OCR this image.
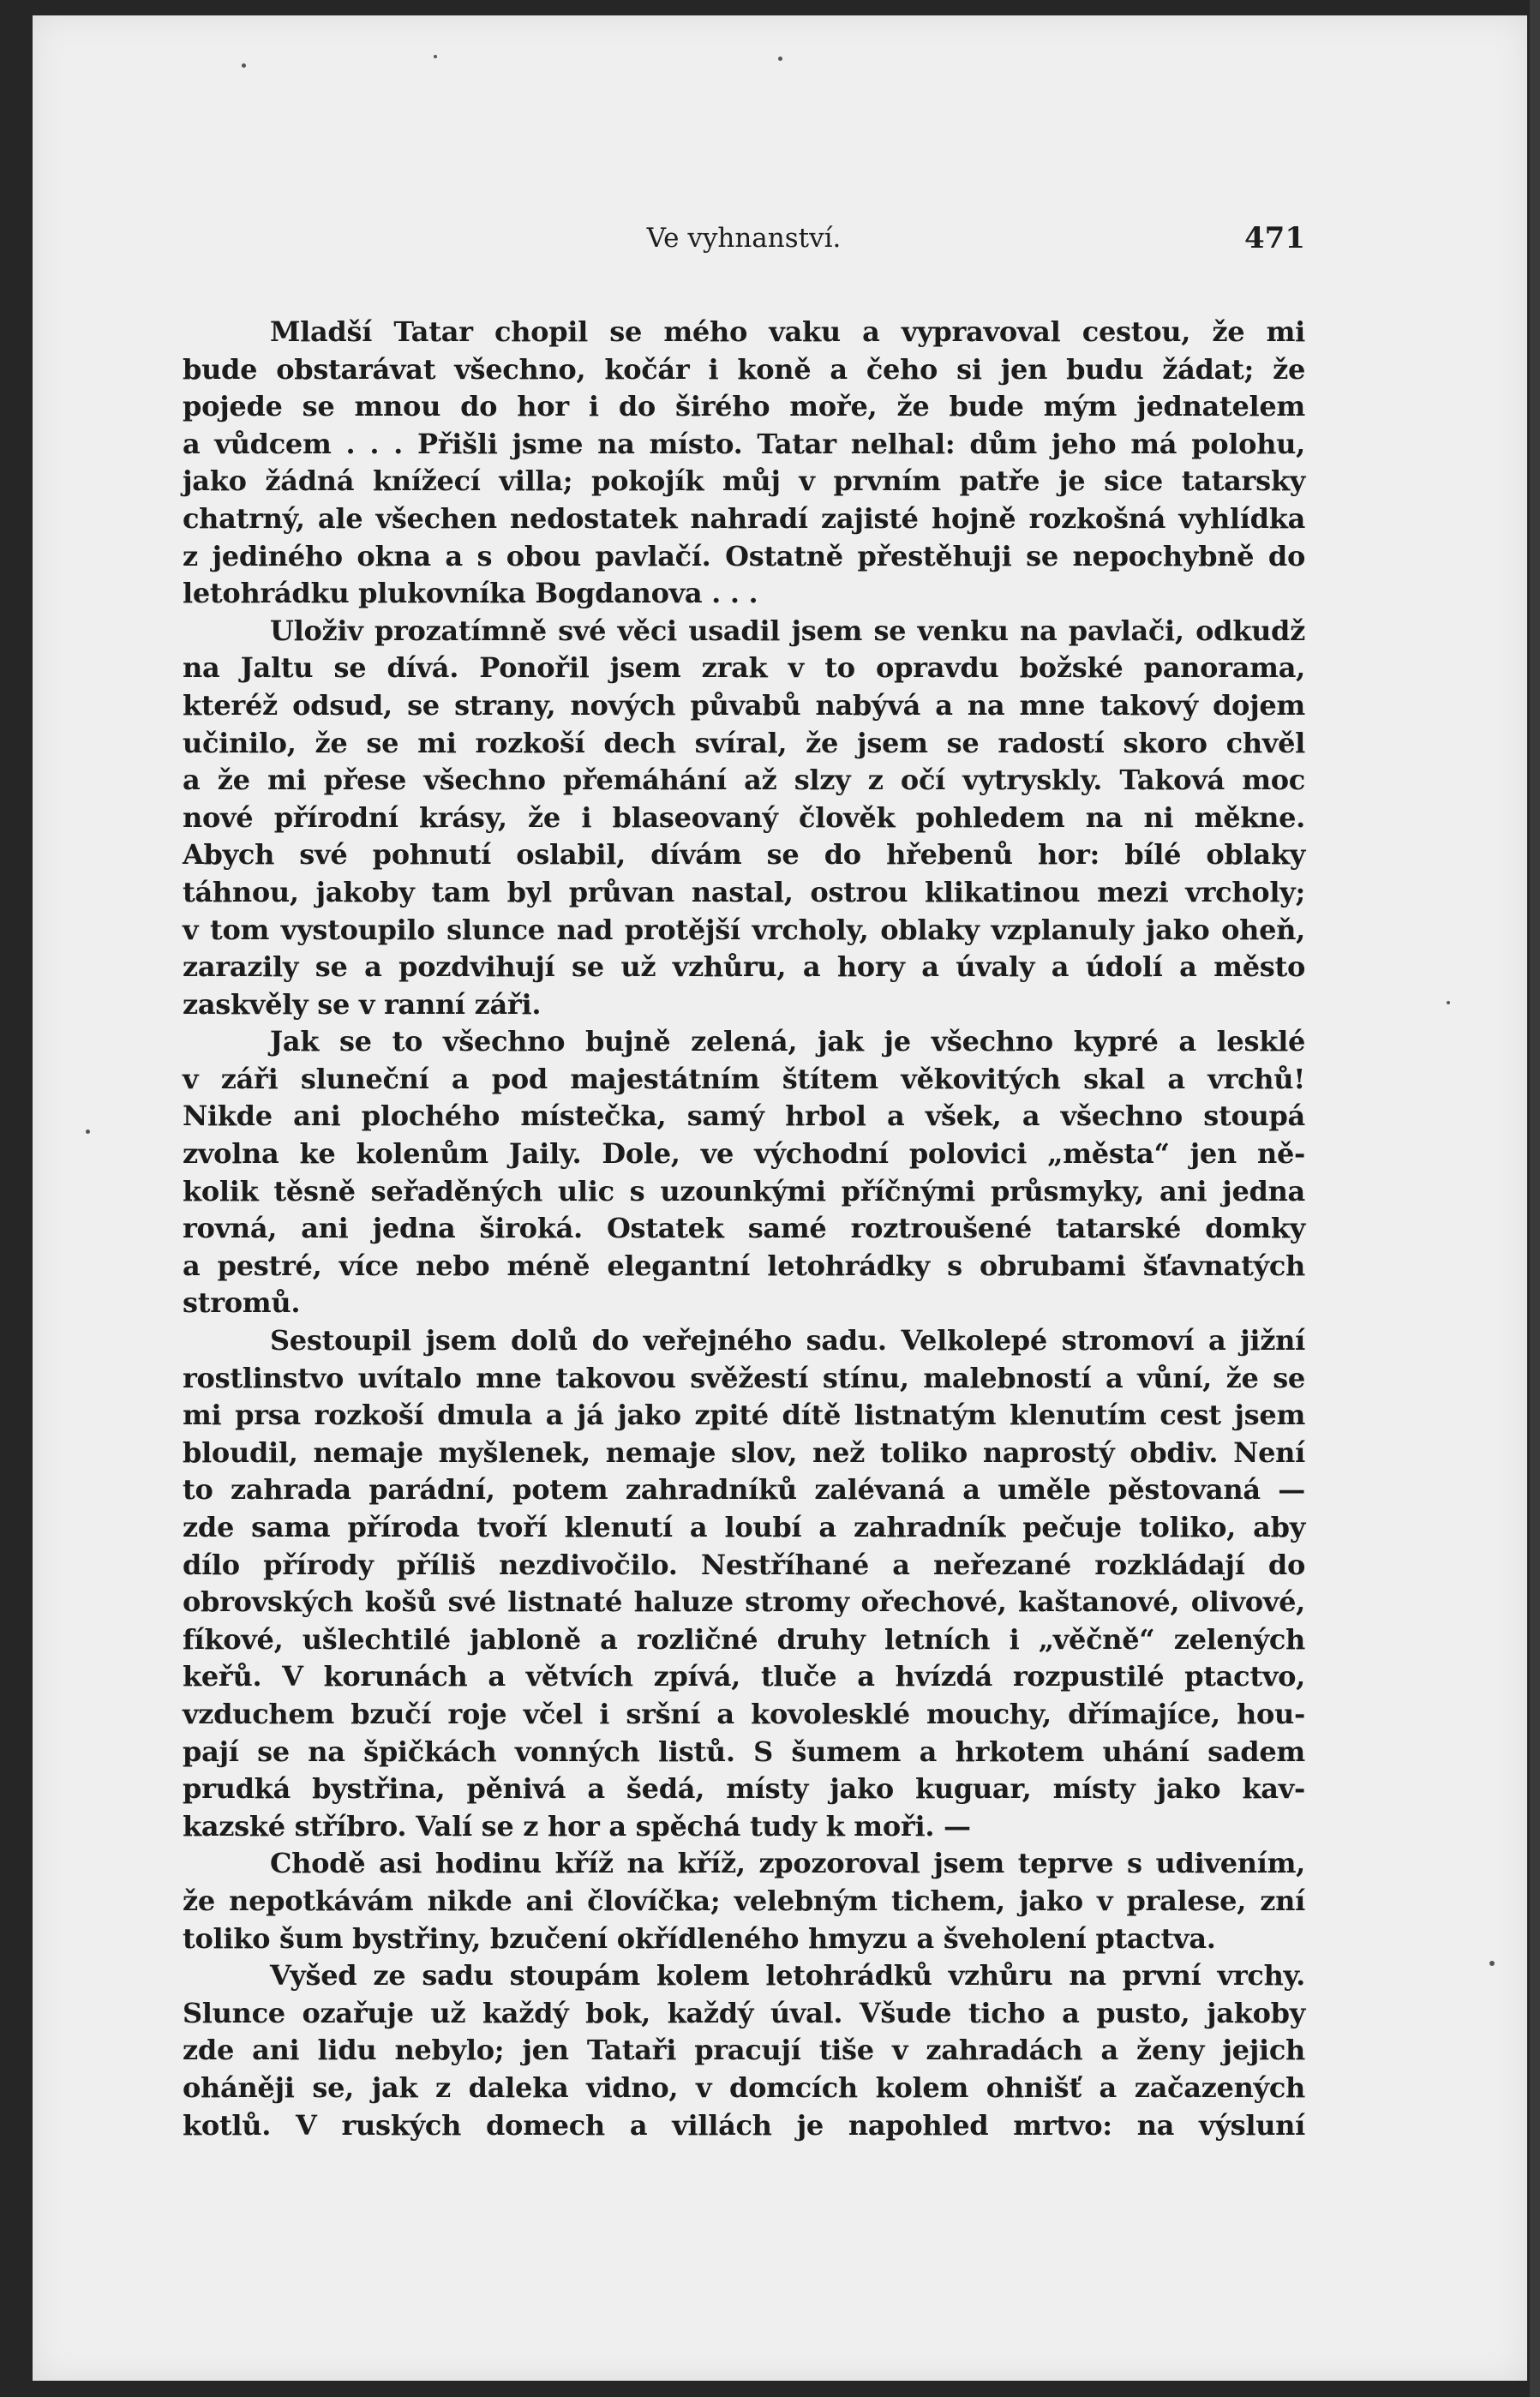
Ve vyhnanství.	471
Mladší Tatar chopil se mého vaku a vypravoval cestou, že mi
bude obstarávat všechno, kočár i koně a čeho si jen budu žádat; že
pojede se mnou do hor i do širého moře, že bude mým jednatelem
a vůdcem . . . Přišli jsme na místo. Tatar nelhal: dům jeho má polohu,
jako žádná knížecí villa; pokojík můj v prvním patře je sice tatarsky
chatrný, ale všechen nedostatek nahradí zajisté hojně rozkošná vyhlídka
z jediného okna a s obou pavlačí. Ostatně přestěhuji se nepochybně do
letohrádku plukovníka Bogdanova . . .
Uloživ prozatímně své věci usadil jsem se venku na pavlači, odkudž
na Jaltu se dívá. Ponořil jsem zrak v to opravdu božské panorama,
kteréž odsud, se strany, nových půvabů nabývá a na mne takový dojem
učinilo, že se mi rozkoší dech svíral, že jsem se radostí skoro chvěl
a že mi přese všechno přemáhání až slzy z očí vytryskly. Taková moc
nové přírodní krásy, že i blaseovaný člověk pohledem na ni měkne.
Abych své pohnutí oslabil, dívám se do hřebenů hor: bílé oblaky
táhnou, jakoby tam byl průvan nastal, ostrou klikatinou mezi vrcholy;
v tom vystoupilo slunce nad protější vrcholy, oblaky vzplanuly jako oheň,
zarazily se a pozdvihují se už vzhůru, a hory a úvaly a údolí a město
zaskvěly se v ranní záři.
Jak se to všechno bujně zelená, jak je všechno kypré a lesklé
v záři sluneční a pod majestátním štítem věkovitých skal a vrchů!
Nikde ani plochého místečka, samý hrbol a všek, a všechno stoupá
zvolna ke kolenům Jaily. Dole, ve východní polovici „města“ jen ně-
kolik těsně seřaděných ulic s uzounkými příčnými průsmyky, ani jedna
rovná, ani jedna široká. Ostatek samé roztroušené tatarské domky
a pestré, více nebo méně elegantní letohrádky s obrubami šťavnatých
stromů.
Sestoupil jsem dolů do veřejného sadu. Velkolepé stromoví a jižní
rostlinstvo uvítalo mne takovou svěžestí stínu, malebností a vůní, že se
mi prsa rozkoší dmula a já jako zpité dítě listnatým klenutím cest jsem
bloudil, nemaje myšlenek, nemaje slov, než toliko naprostý obdiv. Není
to zahrada parádní, potem zahradníků zalévaná a uměle pěstovaná —
zde sama příroda tvoří klenutí a loubí a zahradník pečuje toliko, aby
dílo přírody příliš nezdivočilo. Nestříhané a neřezané rozkládají do
obrovských košů své listnaté haluze stromy ořechové, kaštanové, olivové,
fíkové, ušlechtilé jabloně a rozličné druhy letních i „věčně“ zelených
keřů. V korunách a větvích zpívá, tluče a hvízdá rozpustilé ptactvo,
vzduchem bzučí roje včel i sršní a kovolesklé mouchy, dřímajíce, hou-
pají se na špičkách vonných listů. S šumem a hrkotem uhání sadem
prudká bystřina, pěnivá a šedá, místy jako kuguar, místy jako kav-
kazské stříbro. Valí se z hor a spěchá tudy k moři. —
Chodě asi hodinu kříž na kříž, zpozoroval jsem teprve s udivením,
že nepotkávám nikde ani človíčka; velebným tichem, jako v pralese, zní
toliko šum bystřiny, bzučení okřídleného hmyzu a šveholení ptactva.
Vyšed ze sadu stoupám kolem letohrádků vzhůru na první vrchy.
Slunce ozařuje už každý bok, každý úval. Všude ticho a pusto, jakoby
zde ani lidu nebylo; jen Tataři pracují tiše v zahradách a ženy jejich
oháněji se, jak z daleka vidno, v domcích kolem ohnišť a začazených
kotlů. V ruských domech a villách je napohled mrtvo: na výsluní
